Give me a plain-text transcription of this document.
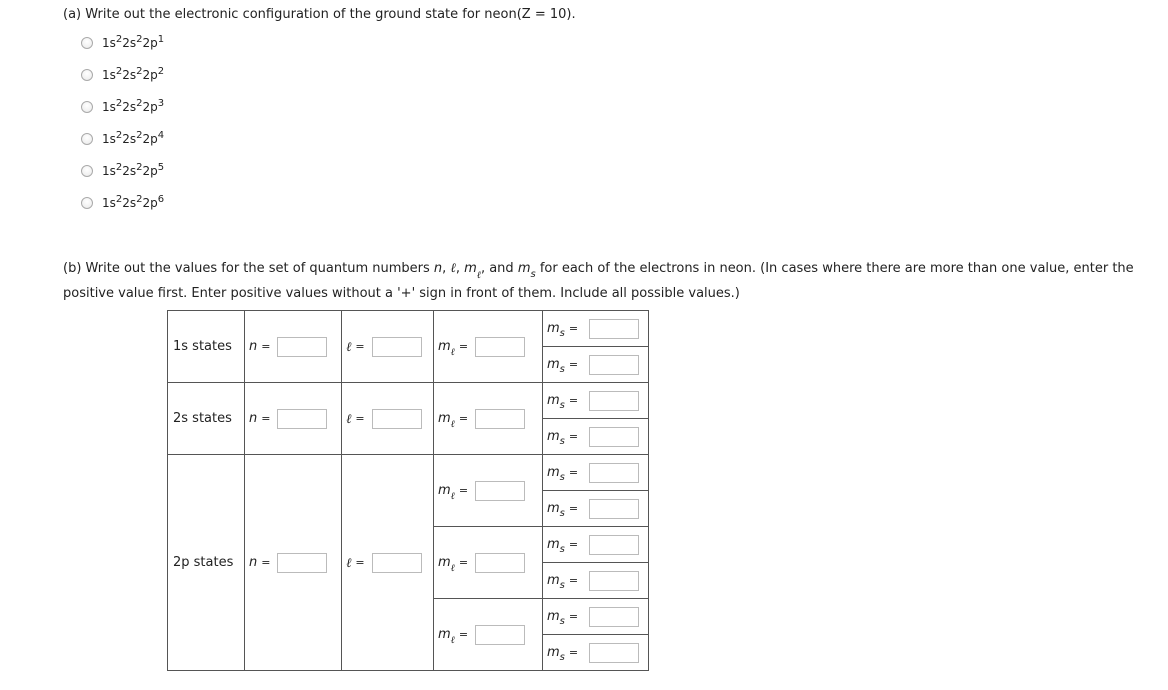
(a) Write out the electronic configuration of the ground state for neon(Z = 10).
$1s^22s^22p^1$
$1s^22s^22p^2$
$1s^22s^22p^3$
$1s^22s^22p^4$
$1s^22s^22p^5$
$1s^22s^22p^6$
(b) Write out the values for the set of quantum numbers n, ℓ, $m_\ell$, and $m_s$ for each of the electrons in neon. (In cases where there are more than one value, enter the positive value first. Enter positive values without a '+' sign in front of them. Include all possible values.)
1s states	n =	ℓ =	m ℓ =	m s =

				m s =

2s states	n =	ℓ =	m ℓ =	m s =

				m s =

2p states	n =	ℓ =	m ℓ =	m s =

				m s =

			m ℓ =	m s =

				m s =

			m ℓ =	m s =

				m s =
